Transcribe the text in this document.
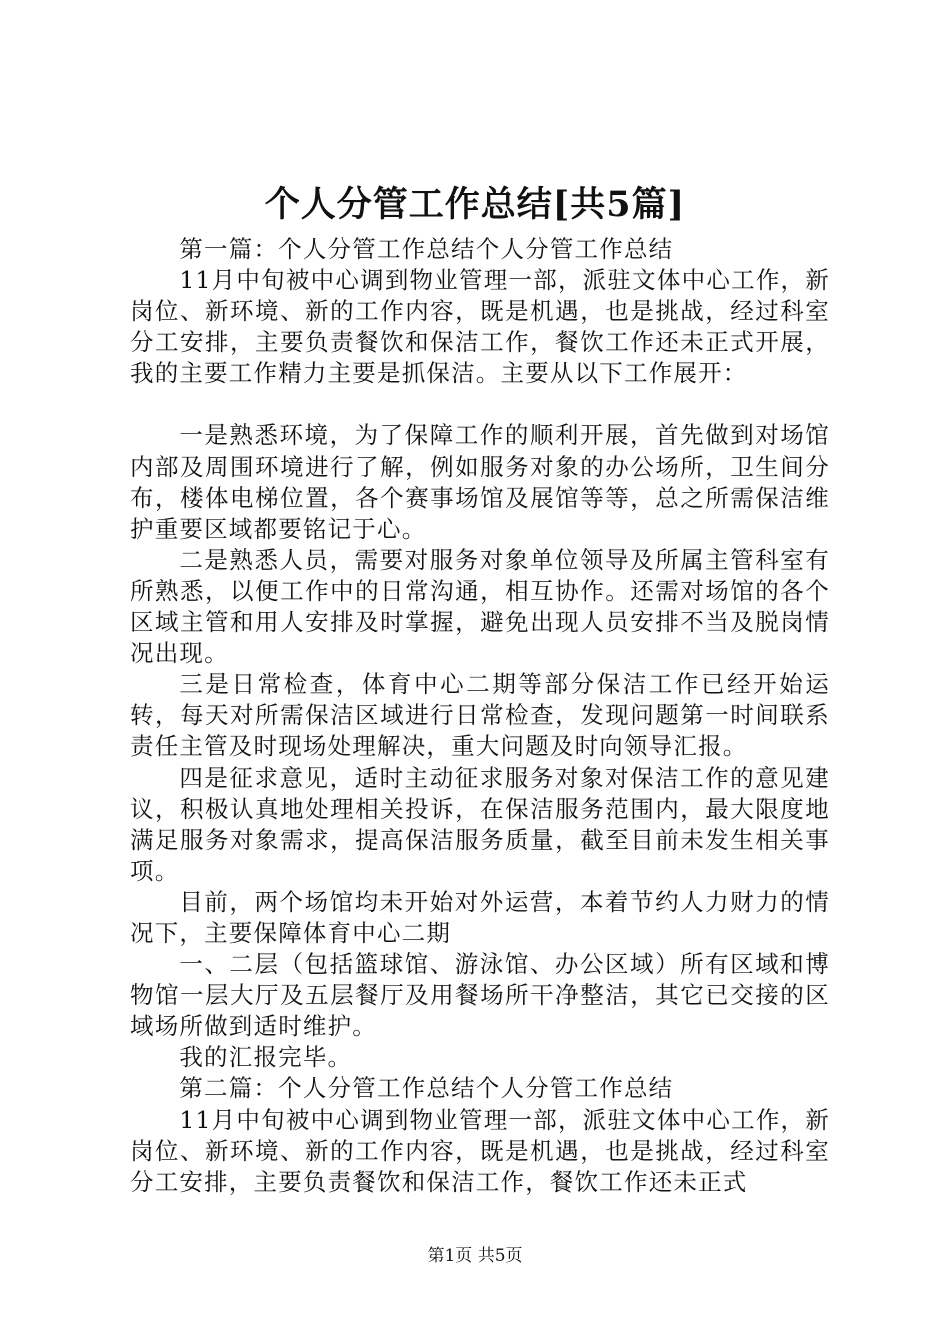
个人分管工作总结[共5篇]

第一篇：个人分管工作总结个人分管工作总结

11月中旬被中心调到物业管理一部，派驻文体中心工作，新岗位、新环境、新的工作内容，既是机遇，也是挑战，经过科室分工安排，主要负责餐饮和保洁工作，餐饮工作还未正式开展，我的主要工作精力主要是抓保洁。主要从以下工作展开：

一是熟悉环境，为了保障工作的顺利开展，首先做到对场馆内部及周围环境进行了解，例如服务对象的办公场所，卫生间分布，楼体电梯位置，各个赛事场馆及展馆等等，总之所需保洁维护重要区域都要铭记于心。

二是熟悉人员，需要对服务对象单位领导及所属主管科室有所熟悉，以便工作中的日常沟通，相互协作。还需对场馆的各个区域主管和用人安排及时掌握，避免出现人员安排不当及脱岗情况出现。

三是日常检查，体育中心二期等部分保洁工作已经开始运转，每天对所需保洁区域进行日常检查，发现问题第一时间联系责任主管及时现场处理解决，重大问题及时向领导汇报。

四是征求意见，适时主动征求服务对象对保洁工作的意见建议，积极认真地处理相关投诉，在保洁服务范围内，最大限度地满足服务对象需求，提高保洁服务质量，截至目前未发生相关事项。

目前，两个场馆均未开始对外运营，本着节约人力财力的情况下，主要保障体育中心二期

一、二层（包括篮球馆、游泳馆、办公区域）所有区域和博物馆一层大厅及五层餐厅及用餐场所干净整洁，其它已交接的区域场所做到适时维护。

我的汇报完毕。

第二篇：个人分管工作总结个人分管工作总结

11月中旬被中心调到物业管理一部，派驻文体中心工作，新岗位、新环境、新的工作内容，既是机遇，也是挑战，经过科室分工安排，主要负责餐饮和保洁工作，餐饮工作还未正式

第1页 共5页
